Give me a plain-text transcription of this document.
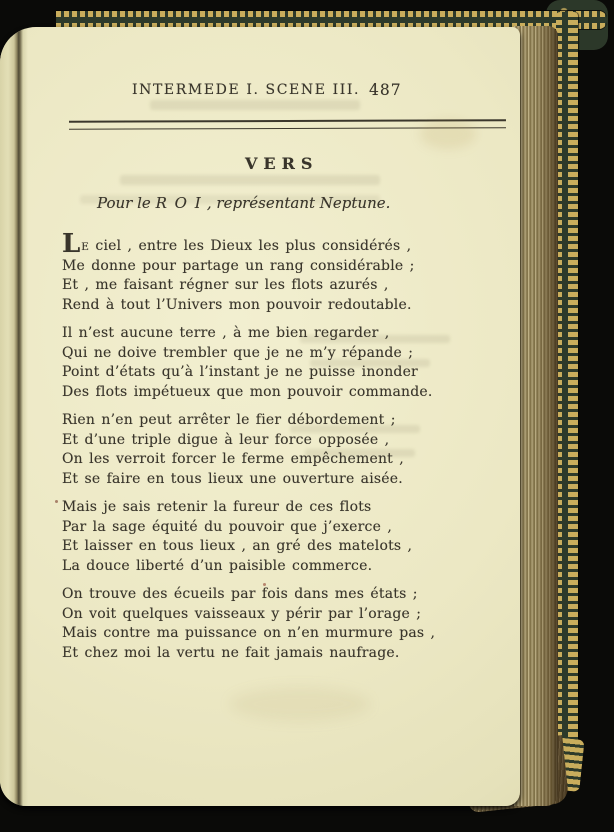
INTERMEDE I. SCENE III. 487
VERS
Pour le R O I , représentant Neptune.
LE ciel , entre les Dieux les plus considérés ,
Me donne pour partage un rang considérable ;
Et , me faisant régner sur les flots azurés ,
Rend à tout l’Univers mon pouvoir redoutable.
Il n’est aucune terre , à me bien regarder ,
Qui ne doive trembler que je ne m’y répande ;
Point d’états qu’à l’instant je ne puisse inonder
Des flots impétueux que mon pouvoir commande.
Rien n’en peut arrêter le fier débordement ;
Et d’une triple digue à leur force opposée ,
On les verroit forcer le ferme empêchement ,
Et se faire en tous lieux une ouverture aisée.
Mais je sais retenir la fureur de ces flots
Par la sage équité du pouvoir que j’exerce ,
Et laisser en tous lieux , an gré des matelots ,
La douce liberté d’un paisible commerce.
On trouve des écueils par fois dans mes états ;
On voit quelques vaisseaux y périr par l’orage ;
Mais contre ma puissance on n’en murmure pas ,
Et chez moi la vertu ne fait jamais naufrage.
